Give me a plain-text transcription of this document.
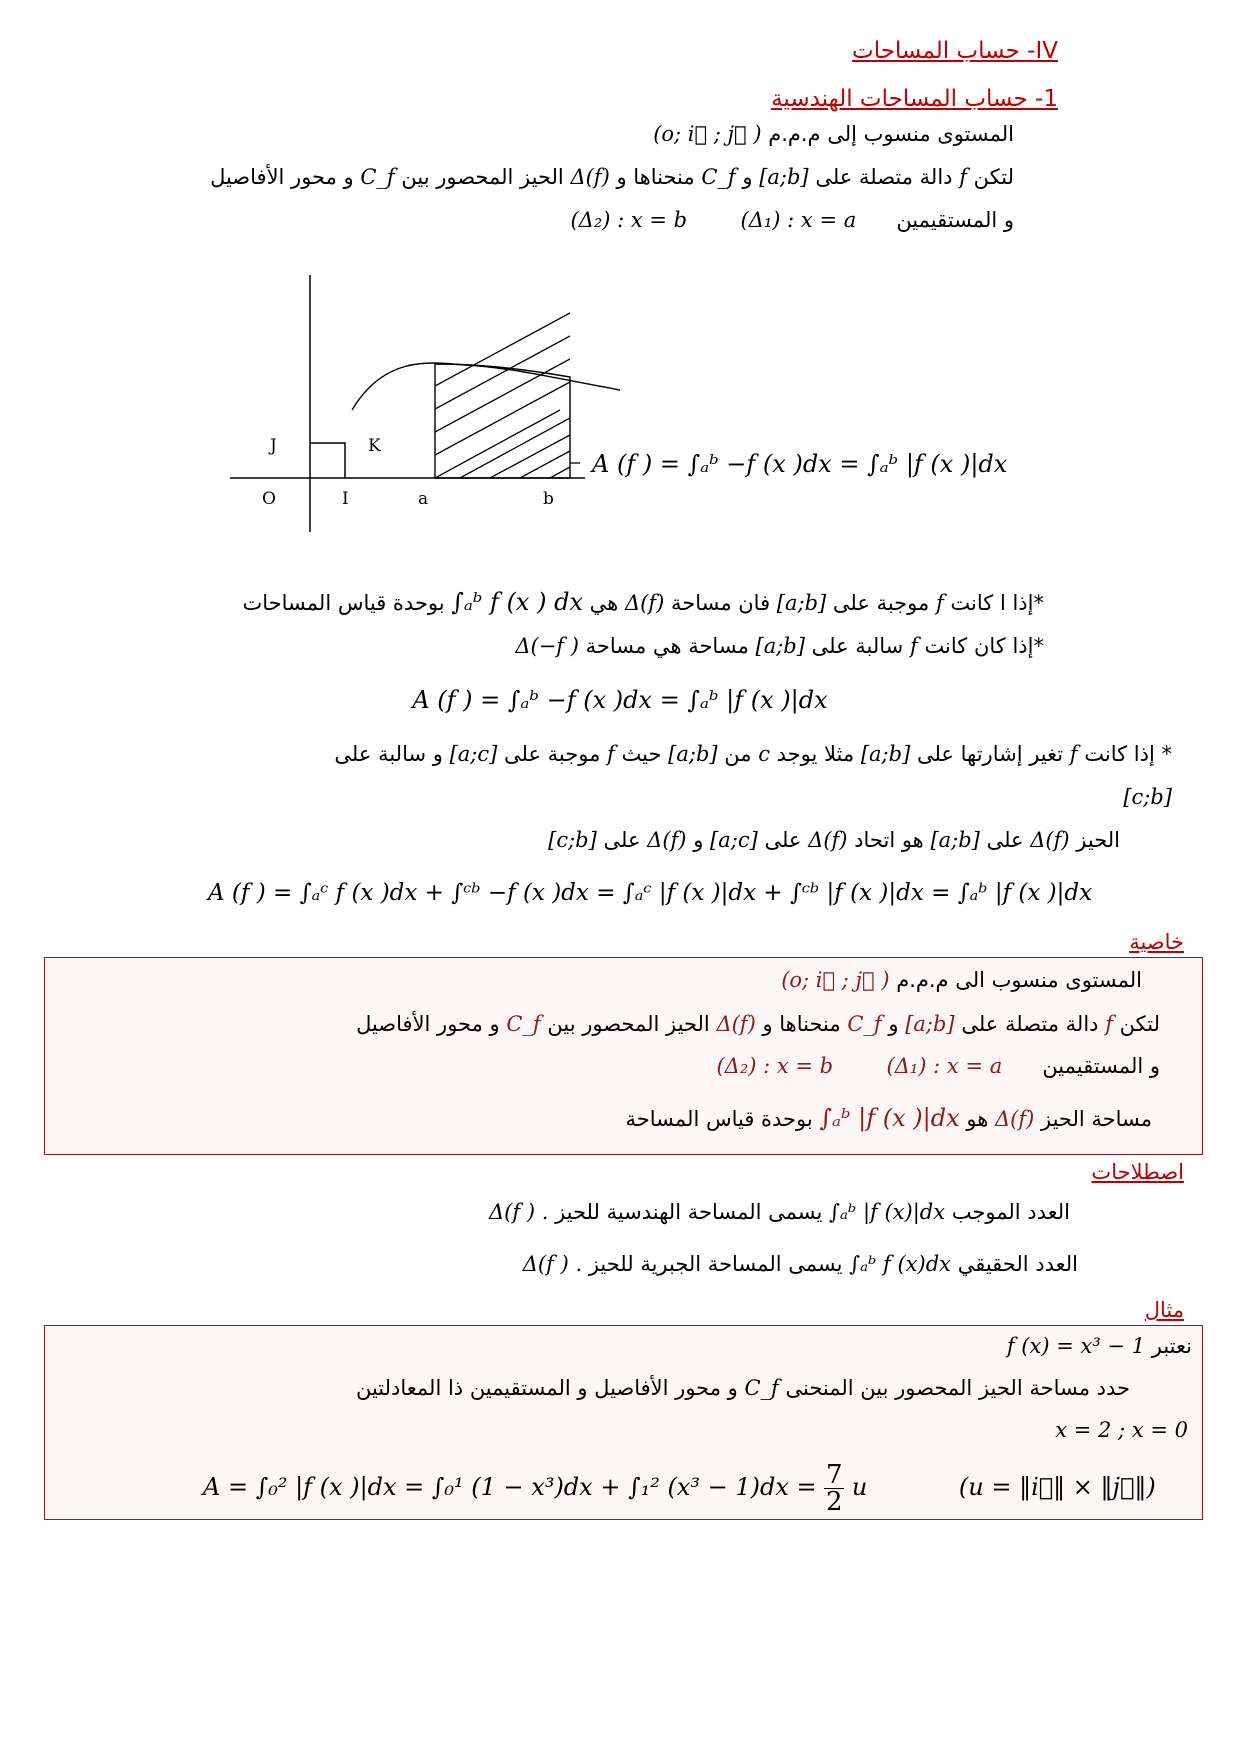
IV- حساب المساحات
1- حساب المساحات الهندسية
المستوى منسوب إلى م.م.م (o; i⃗ ; j⃗ )
لتكن f دالة متصلة على [a;b] و C_f منحناها و Δ(f) الحيز المحصور بين C_f و محور الأفاصيل
و المستقيمين      (Δ₁) : x = a        (Δ₂) : x = b
J	K
O	I	a	b
A (f ) = ∫ₐᵇ −f (x )dx = ∫ₐᵇ |f (x )|dx
*إذا ا كانت f موجبة على [a;b] فان مساحة Δ(f) هي ∫ₐᵇ f (x ) dx بوحدة قياس المساحات
*إذا كان كانت f سالبة على [a;b] مساحة هي مساحة Δ(−f )
A (f ) = ∫ₐᵇ −f (x )dx = ∫ₐᵇ |f (x )|dx
* إذا كانت f تغير إشارتها على [a;b] مثلا يوجد c من [a;b] حيث f موجبة على [a;c] و سالبة على
[c;b]
الحيز Δ(f) على [a;b] هو اتحاد Δ(f) على [a;c] و Δ(f) على [c;b]
A (f ) = ∫ₐᶜ f (x )dx + ∫ᶜᵇ −f (x )dx = ∫ₐᶜ |f (x )|dx + ∫ᶜᵇ |f (x )|dx = ∫ₐᵇ |f (x )|dx
خاصية
المستوى منسوب الى م.م.م (o; i⃗ ; j⃗ )
لتكن f دالة متصلة على [a;b] و C_f منحناها و Δ(f) الحيز المحصور بين C_f و محور الأفاصيل
و المستقيمين      (Δ₁) : x = a        (Δ₂) : x = b
مساحة الحيز Δ(f) هو ∫ₐᵇ |f (x )|dx بوحدة قياس المساحة
اصطلاحات
العدد الموجب ∫ₐᵇ |f (x)|dx يسمى المساحة الهندسية للحيز Δ(f ) .
العدد الحقيقي ∫ₐᵇ f (x)dx يسمى المساحة الجبرية للحيز Δ(f ) .
مثال
نعتبر f (x) = x³ − 1
حدد مساحة الحيز المحصور بين المنحنى C_f و محور الأفاصيل و المستقيمين ذا المعادلتين
x = 2 ; x = 0
A = ∫₀² |f (x )|dx = ∫₀¹ (1 − x³)dx + ∫₁² $(x^3 - 1)dx = \frac{7}{2}$ u	(u = ‖i⃗‖ × ‖j⃗‖)
